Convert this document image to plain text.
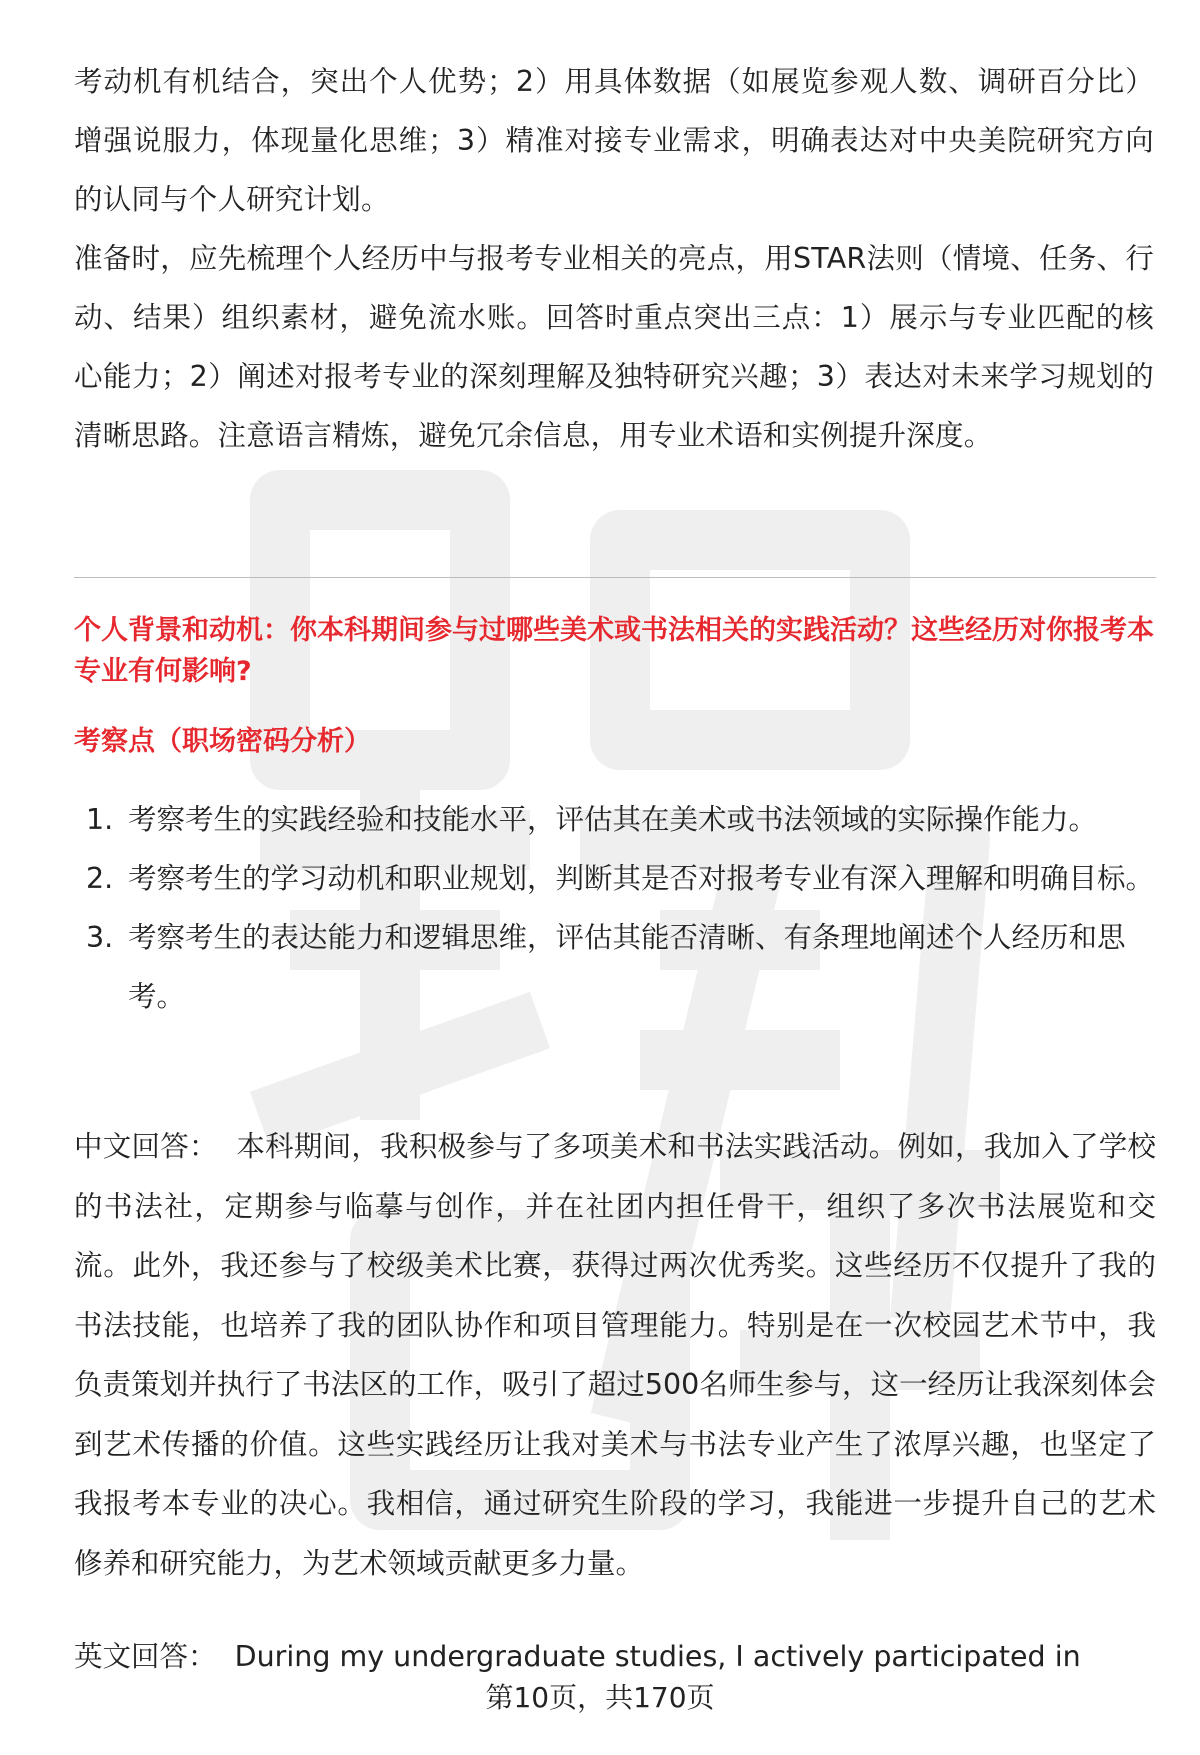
考动机有机结合，突出个人优势；2）用具体数据（如展览参观人数、调研百分比）增强说服力，体现量化思维；3）精准对接专业需求，明确表达对中央美院研究方向的认同与个人研究计划。

准备时，应先梳理个人经历中与报考专业相关的亮点，用STAR法则（情境、任务、行动、结果）组织素材，避免流水账。回答时重点突出三点：1）展示与专业匹配的核心能力；2）阐述对报考专业的深刻理解及独特研究兴趣；3）表达对未来学习规划的清晰思路。注意语言精炼，避免冗余信息，用专业术语和实例提升深度。

个人背景和动机：你本科期间参与过哪些美术或书法相关的实践活动？这些经历对你报考本专业有何影响?

考察点（职场密码分析）

1. 考察考生的实践经验和技能水平，评估其在美术或书法领域的实际操作能力。
2. 考察考生的学习动机和职业规划，判断其是否对报考专业有深入理解和明确目标。
3. 考察考生的表达能力和逻辑思维，评估其能否清晰、有条理地阐述个人经历和思考。

中文回答： 本科期间，我积极参与了多项美术和书法实践活动。例如，我加入了学校的书法社，定期参与临摹与创作，并在社团内担任骨干，组织了多次书法展览和交流。此外，我还参与了校级美术比赛，获得过两次优秀奖。这些经历不仅提升了我的书法技能，也培养了我的团队协作和项目管理能力。特别是在一次校园艺术节中，我负责策划并执行了书法区的工作，吸引了超过500名师生参与，这一经历让我深刻体会到艺术传播的价值。这些实践经历让我对美术与书法专业产生了浓厚兴趣，也坚定了我报考本专业的决心。我相信，通过研究生阶段的学习，我能进一步提升自己的艺术修养和研究能力，为艺术领域贡献更多力量。

英文回答： During my undergraduate studies, I actively participated in

第10页，共170页
